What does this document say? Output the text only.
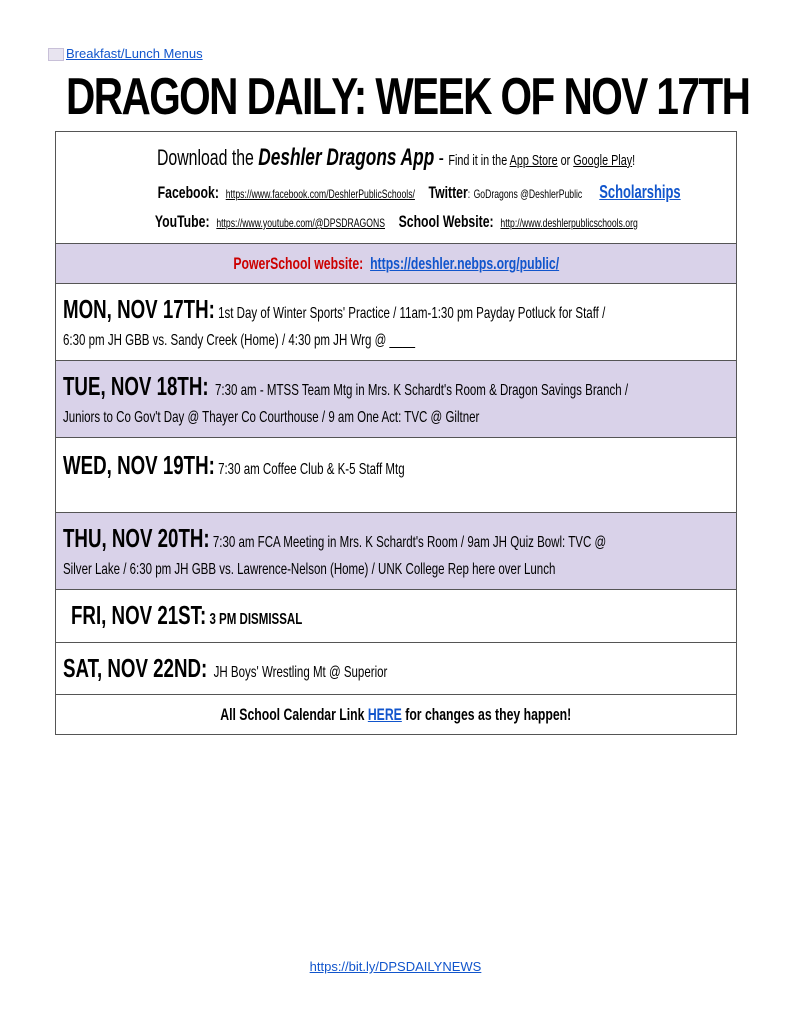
Breakfast/Lunch Menus
DRAGON DAILY: WEEK OF NOV 17TH
Download the Deshler Dragons App - Find it in the App Store or Google Play!
Facebook: https://www.facebook.com/DeshlerPublicSchools/ Twitter: GoDragons @DeshlerPublic Scholarships
YouTube: https://www.youtube.com/@DPSDRAGONS School Website: http://www.deshlerpublicschools.org

PowerSchool website: https://deshler.nebps.org/public/

MON, NOV 17TH: 1st Day of Winter Sports' Practice / 11am-1:30 pm Payday Potluck for Staff /
6:30 pm JH GBB vs. Sandy Creek (Home) / 4:30 pm JH Wrg @ ____

TUE, NOV 18TH: 7:30 am - MTSS Team Mtg in Mrs. K Schardt's Room & Dragon Savings Branch /
Juniors to Co Gov't Day @ Thayer Co Courthouse / 9 am One Act: TVC @ Giltner

WED, NOV 19TH: 7:30 am Coffee Club & K-5 Staff Mtg

THU, NOV 20TH: 7:30 am FCA Meeting in Mrs. K Schardt's Room / 9am JH Quiz Bowl: TVC @
Silver Lake / 6:30 pm JH GBB vs. Lawrence-Nelson (Home) / UNK College Rep here over Lunch

FRI, NOV 21ST: 3 PM DISMISSAL

SAT, NOV 22ND: JH Boys' Wrestling Mt @ Superior

All School Calendar Link HERE for changes as they happen!
https://bit.ly/DPSDAILYNEWS
